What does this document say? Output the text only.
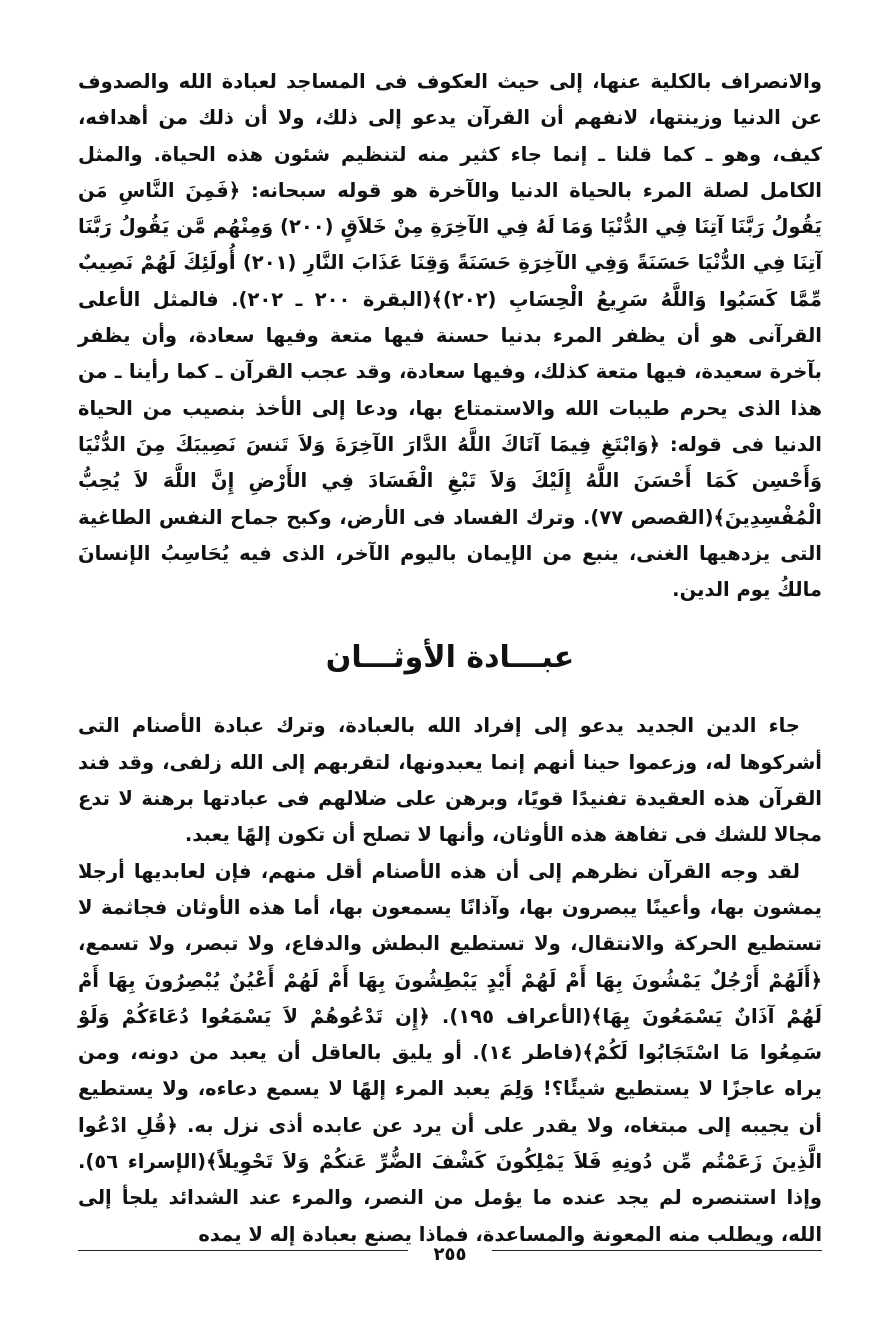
والانصراف بالكلية عنها، إلى حيث العكوف فى المساجد لعبادة الله والصدوف عن الدنيا وزينتها، لانفهم أن القرآن يدعو إلى ذلك، ولا أن ذلك من أهدافه، كيف، وهو ـ كما قلنا ـ إنما جاء كثير منه لتنظيم شئون هذه الحياة. والمثل الكامل لصلة المرء بالحياة الدنيا والآخرة هو قوله سبحانه: ﴿فَمِنَ النَّاسِ مَن يَقُولُ رَبَّنَا آتِنَا فِي الدُّنْيَا وَمَا لَهُ فِي الآخِرَةِ مِنْ خَلاَقٍ (٢٠٠) وَمِنْهُم مَّن يَقُولُ رَبَّنَا آتِنَا فِي الدُّنْيَا حَسَنَةً وَفِي الآخِرَةِ حَسَنَةً وَقِنَا عَذَابَ النَّارِ (٢٠١) أُولَئِكَ لَهُمْ نَصِيبٌ مِّمَّا كَسَبُوا وَاللَّهُ سَرِيعُ الْحِسَابِ (٢٠٢)﴾(البقرة ٢٠٠ ـ ٢٠٢). فالمثل الأعلى القرآنى هو أن يظفر المرء بدنيا حسنة فيها متعة وفيها سعادة، وأن يظفر بآخرة سعيدة، فيها متعة كذلك، وفيها سعادة، وقد عجب القرآن ـ كما رأينا ـ من هذا الذى يحرم طيبات الله والاستمتاع بها، ودعا إلى الأخذ بنصيب من الحياة الدنيا فى قوله: ﴿وَابْتَغِ فِيمَا آتَاكَ اللَّهُ الدَّارَ الآخِرَةَ وَلاَ تَنسَ نَصِيبَكَ مِنَ الدُّنْيَا وَأَحْسِن كَمَا أَحْسَنَ اللَّهُ إِلَيْكَ وَلاَ تَبْغِ الْفَسَادَ فِي الأَرْضِ إِنَّ اللَّهَ لاَ يُحِبُّ الْمُفْسِدِينَ﴾(القصص ٧٧). وترك الفساد فى الأرض، وكبح جماح النفس الطاغية التى يزدهيها الغنى، ينبع من الإيمان باليوم الآخر، الذى فيه يُحَاسِبُ الإنسانَ مالكُ يوم الدين.

عبـــادة الأوثـــان

جاء الدين الجديد يدعو إلى إفراد الله بالعبادة، وترك عبادة الأصنام التى أشركوها له، وزعموا حينا أنهم إنما يعبدونها، لتقربهم إلى الله زلفى، وقد فند القرآن هذه العقيدة تفنيدًا قويًا، وبرهن على ضلالهم فى عبادتها برهنة لا تدع مجالا للشك فى تفاهة هذه الأوثان، وأنها لا تصلح أن تكون إلهًا يعبد.

لقد وجه القرآن نظرهم إلى أن هذه الأصنام أقل منهم، فإن لعابديها أرجلا يمشون بها، وأعينًا يبصرون بها، وآذانًا يسمعون بها، أما هذه الأوثان فجاثمة لا تستطيع الحركة والانتقال، ولا تستطيع البطش والدفاع، ولا تبصر، ولا تسمع، ﴿أَلَهُمْ أَرْجُلٌ يَمْشُونَ بِهَا أَمْ لَهُمْ أَيْدٍ يَبْطِشُونَ بِهَا أَمْ لَهُمْ أَعْيُنٌ يُبْصِرُونَ بِهَا أَمْ لَهُمْ آذَانٌ يَسْمَعُونَ بِهَا﴾(الأعراف ١٩٥). ﴿إِن تَدْعُوهُمْ لاَ يَسْمَعُوا دُعَاءَكُمْ وَلَوْ سَمِعُوا مَا اسْتَجَابُوا لَكُمْ﴾(فاطر ١٤). أو يليق بالعاقل أن يعبد من دونه، ومن يراه عاجزًا لا يستطيع شيئًا؟! وَلِمَ يعبد المرء إلهًا لا يسمع دعاءه، ولا يستطيع أن يجيبه إلى مبتغاه، ولا يقدر على أن يرد عن عابده أذى نزل به. ﴿قُلِ ادْعُوا الَّذِينَ زَعَمْتُم مِّن دُونِهِ فَلاَ يَمْلِكُونَ كَشْفَ الضُّرِّ عَنكُمْ وَلاَ تَحْوِيلاً﴾(الإسراء ٥٦). وإذا استنصره لم يجد عنده ما يؤمل من النصر، والمرء عند الشدائد يلجأ إلى الله، ويطلب منه المعونة والمساعدة، فماذا يصنع بعبادة إله لا يمده

٢٥٥
